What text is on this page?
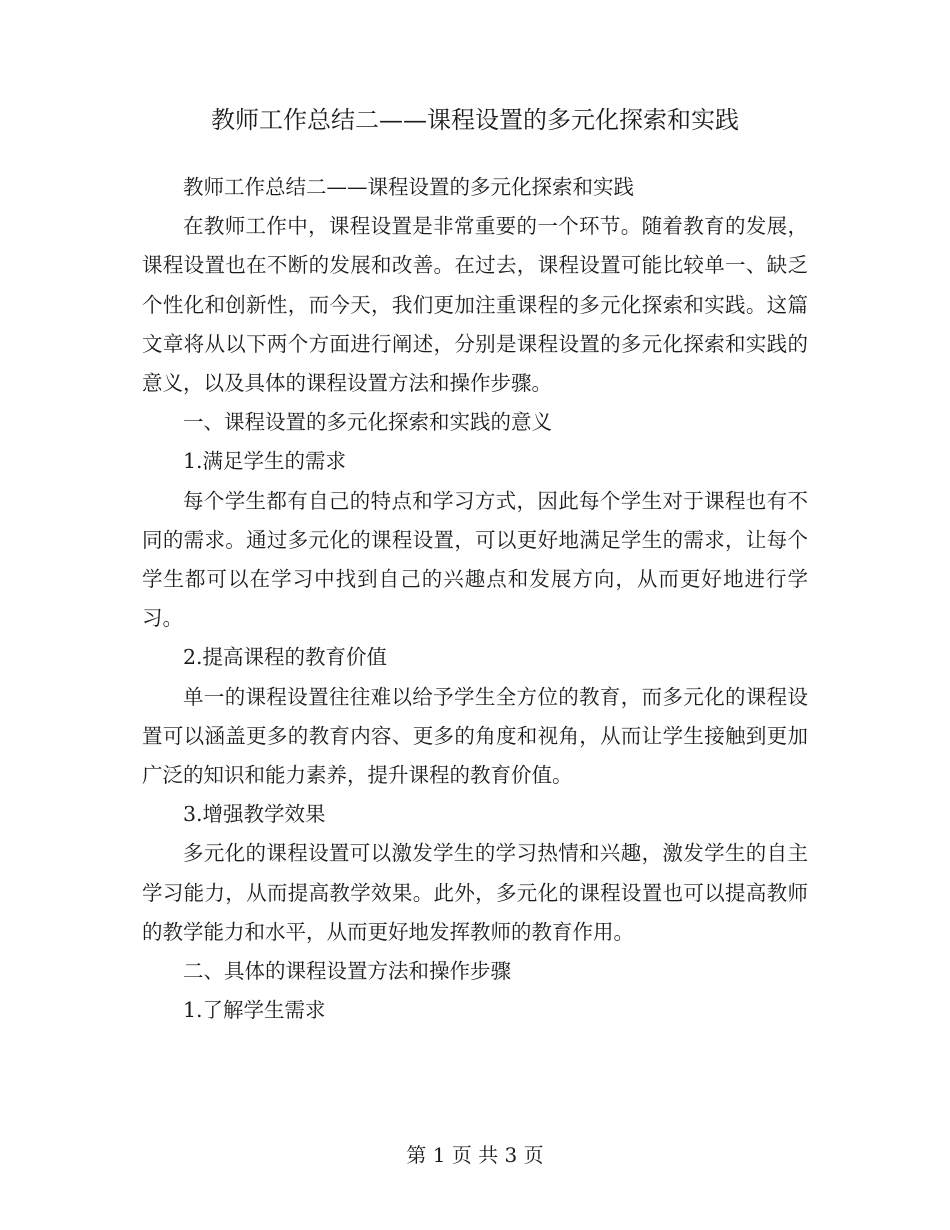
教师工作总结二——课程设置的多元化探索和实践

教师工作总结二——课程设置的多元化探索和实践

在教师工作中，课程设置是非常重要的一个环节。随着教育的发展，课程设置也在不断的发展和改善。在过去，课程设置可能比较单一、缺乏个性化和创新性，而今天，我们更加注重课程的多元化探索和实践。这篇文章将从以下两个方面进行阐述，分别是课程设置的多元化探索和实践的意义，以及具体的课程设置方法和操作步骤。

一、课程设置的多元化探索和实践的意义

1.满足学生的需求

每个学生都有自己的特点和学习方式，因此每个学生对于课程也有不同的需求。通过多元化的课程设置，可以更好地满足学生的需求，让每个学生都可以在学习中找到自己的兴趣点和发展方向，从而更好地进行学习。

2.提高课程的教育价值

单一的课程设置往往难以给予学生全方位的教育，而多元化的课程设置可以涵盖更多的教育内容、更多的角度和视角，从而让学生接触到更加广泛的知识和能力素养，提升课程的教育价值。

3.增强教学效果

多元化的课程设置可以激发学生的学习热情和兴趣，激发学生的自主学习能力，从而提高教学效果。此外，多元化的课程设置也可以提高教师的教学能力和水平，从而更好地发挥教师的教育作用。

二、具体的课程设置方法和操作步骤

1.了解学生需求

第 1 页 共 3 页
